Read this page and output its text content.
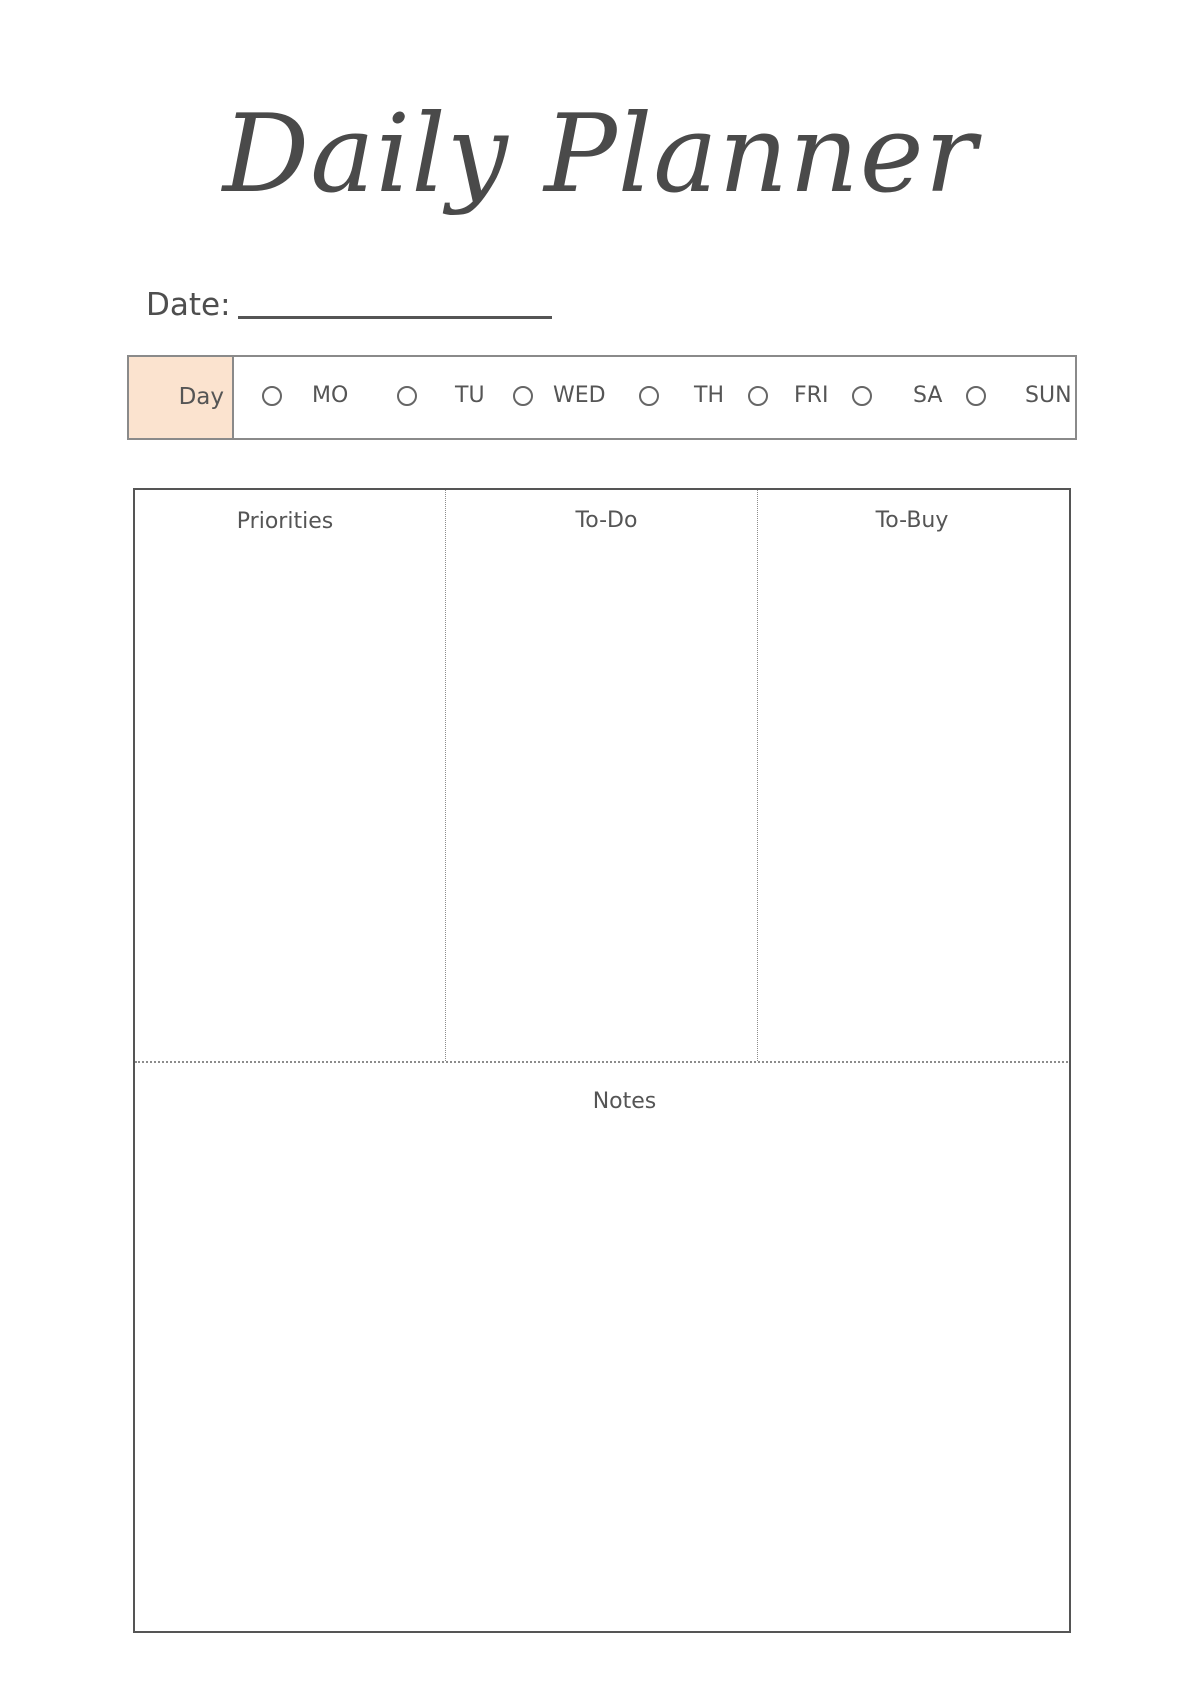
Daily Planner
Date:
Day	MO	TU	WED	TH	FRI	SA	SUN
Priorities	To-Do	To-Buy
Notes
